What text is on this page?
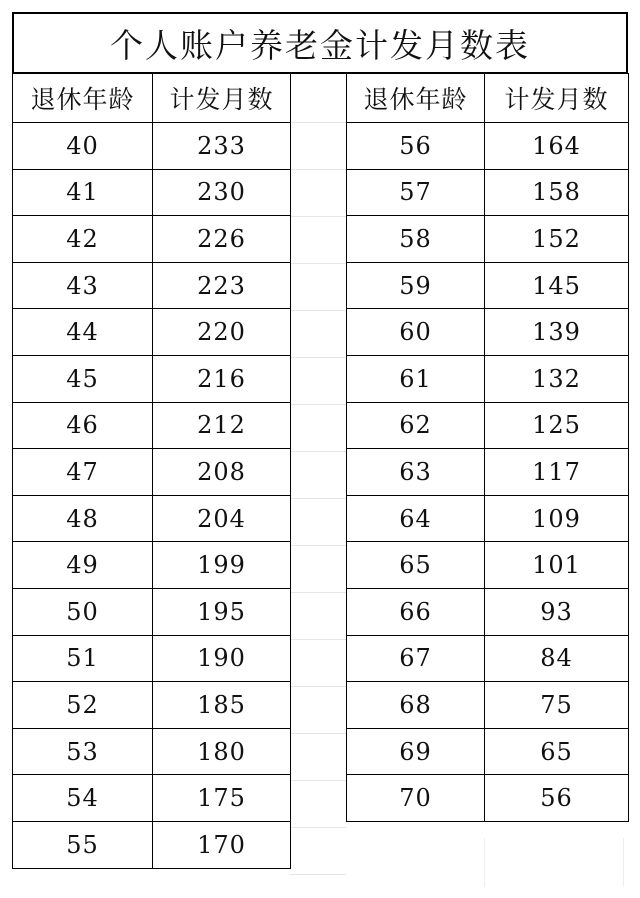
个人账户养老金计发月数表
退休年龄	计发月数
40	233
41	230
42	226
43	223
44	220
45	216
46	212
47	208
48	204
49	199
50	195
51	190
52	185
53	180
54	175
55	170
退休年龄	计发月数
56	164
57	158
58	152
59	145
60	139
61	132
62	125
63	117
64	109
65	101
66	93
67	84
68	75
69	65
70	56
